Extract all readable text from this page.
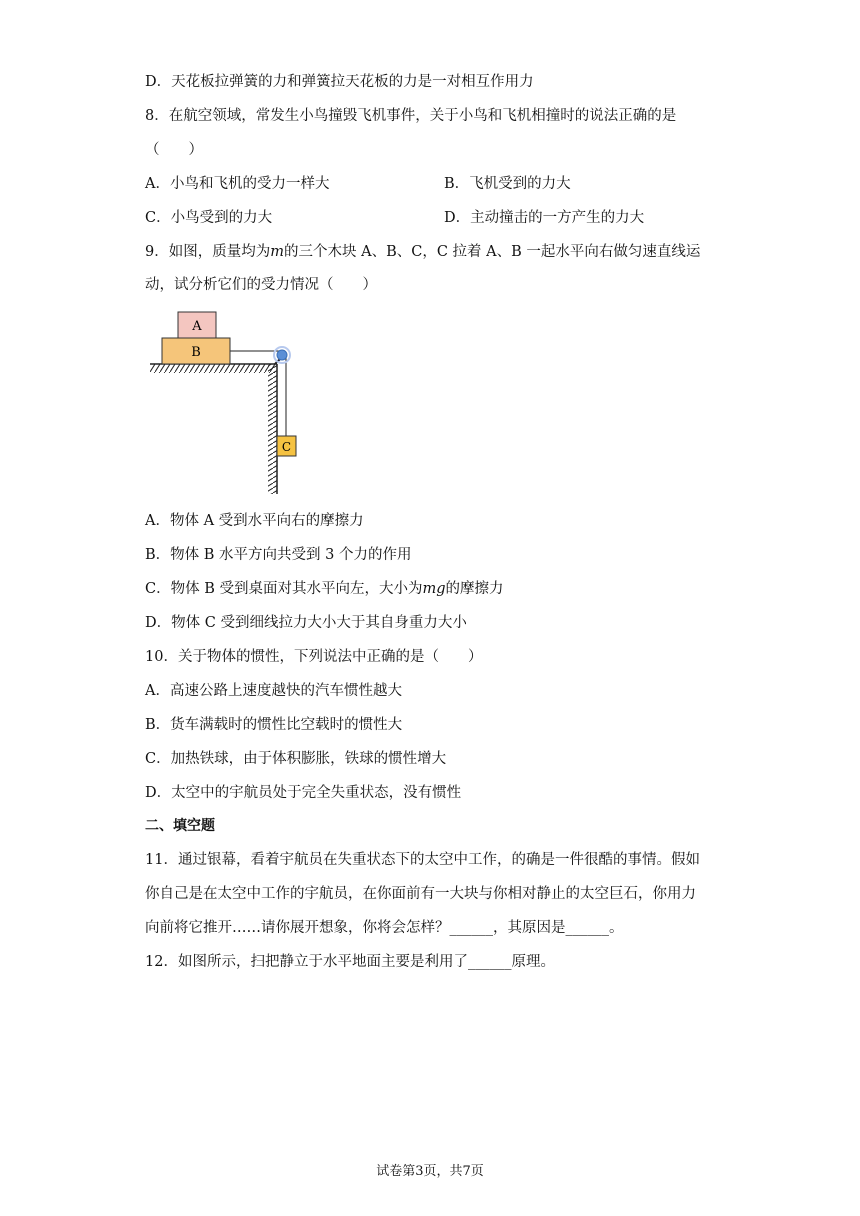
D．天花板拉弹簧的力和弹簧拉天花板的力是一对相互作用力
8．在航空领域，常发生小鸟撞毁飞机事件，关于小鸟和飞机相撞时的说法正确的是
（　　）
A．小鸟和飞机的受力一样大	B．飞机受到的力大
C．小鸟受到的力大	D．主动撞击的一方产生的力大
9．如图，质量均为m的三个木块 A、B、C，C 拉着 A、B 一起水平向右做匀速直线运
动，试分析它们的受力情况（　　）
B
A
C
A．物体 A 受到水平向右的摩擦力
B．物体 B 水平方向共受到 3 个力的作用
C．物体 B 受到桌面对其水平向左，大小为mg的摩擦力
D．物体 C 受到细线拉力大小大于其自身重力大小
10．关于物体的惯性，下列说法中正确的是（　　）
A．高速公路上速度越快的汽车惯性越大
B．货车满载时的惯性比空载时的惯性大
C．加热铁球，由于体积膨胀，铁球的惯性增大
D．太空中的宇航员处于完全失重状态，没有惯性
二、填空题
11．通过银幕，看着宇航员在失重状态下的太空中工作，的确是一件很酷的事情。假如
你自己是在太空中工作的宇航员，在你面前有一大块与你相对静止的太空巨石，你用力
向前将它推开……请你展开想象，你将会怎样？______，其原因是______。
12．如图所示，扫把静立于水平地面主要是利用了______原理。
试卷第3页，共7页
